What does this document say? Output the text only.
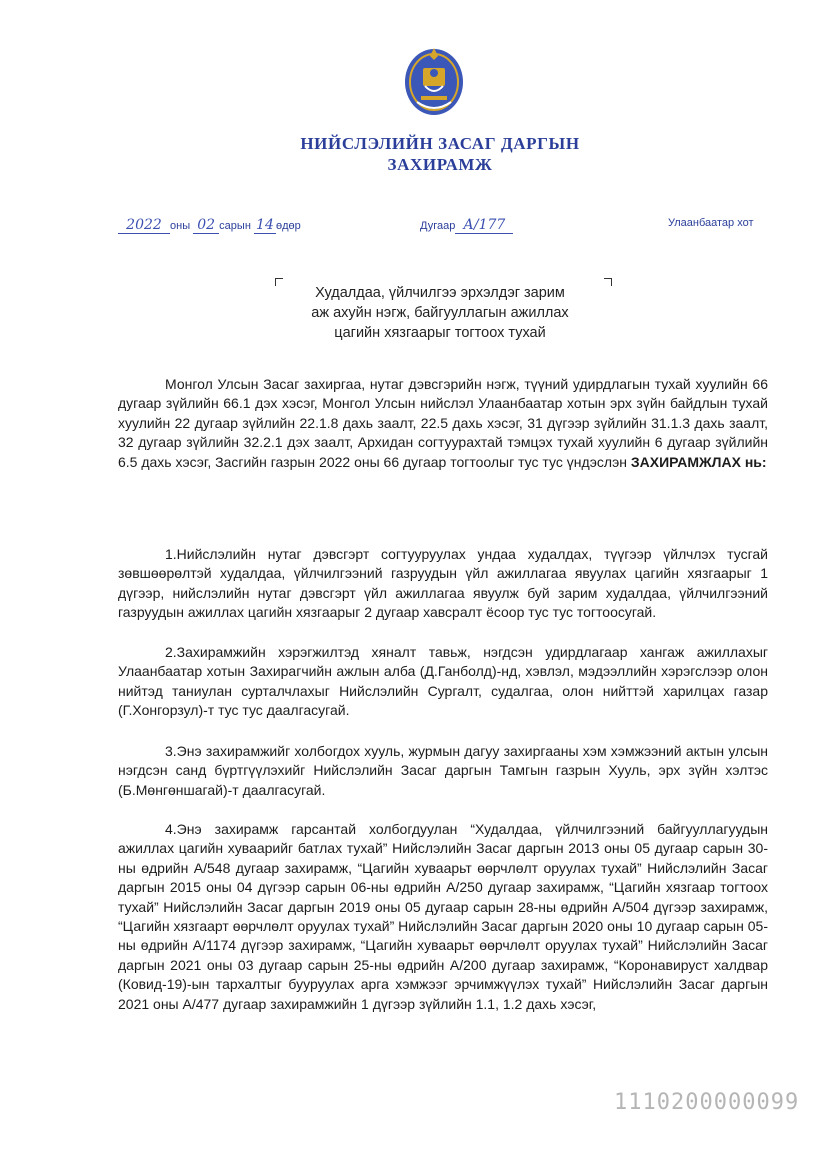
НИЙСЛЭЛИЙН ЗАСАГ ДАРГЫН
ЗАХИРАМЖ
2022 оны 02 сарын 14 өдөр	Дугаар А/177	Улаанбаатар хот
Худалдаа, үйлчилгээ эрхэлдэг зарим
аж ахуйн нэгж, байгууллагын ажиллах
цагийн хязгаарыг тогтоох тухай
Монгол Улсын Засаг захиргаа, нутаг дэвсгэрийн нэгж, түүний удирдлагын тухай хуулийн 66 дугаар зүйлийн 66.1 дэх хэсэг, Монгол Улсын нийслэл Улаанбаатар хотын эрх зүйн байдлын тухай хуулийн 22 дугаар зүйлийн 22.1.8 дахь заалт, 22.5 дахь хэсэг, 31 дүгээр зүйлийн 31.1.3 дахь заалт, 32 дугаар зүйлийн 32.2.1 дэх заалт, Архидан согтуурахтай тэмцэх тухай хуулийн 6 дугаар зүйлийн 6.5 дахь хэсэг, Засгийн газрын 2022 оны 66 дугаар тогтоолыг тус тус үндэслэн ЗАХИРАМЖЛАХ нь:
1.Нийслэлийн нутаг дэвсгэрт согтууруулах ундаа худалдах, түүгээр үйлчлэх тусгай зөвшөөрөлтэй худалдаа, үйлчилгээний газруудын үйл ажиллагаа явуулах цагийн хязгаарыг 1 дүгээр, нийслэлийн нутаг дэвсгэрт үйл ажиллагаа явуулж буй зарим худалдаа, үйлчилгээний газруудын ажиллах цагийн хязгаарыг 2 дугаар хавсралт ёсоор тус тус тогтоосугай.
2.Захирамжийн хэрэгжилтэд хяналт тавьж, нэгдсэн удирдлагаар хангаж ажиллахыг Улаанбаатар хотын Захирагчийн ажлын алба (Д.Ганболд)-нд, хэвлэл, мэдээллийн хэрэгслээр олон нийтэд таниулан сурталчлахыг Нийслэлийн Сургалт, судалгаа, олон нийттэй харилцах газар (Г.Хонгорзул)-т тус тус даалгасугай.
3.Энэ захирамжийг холбогдох хууль, журмын дагуу захиргааны хэм хэмжээний актын улсын нэгдсэн санд бүртгүүлэхийг Нийслэлийн Засаг даргын Тамгын газрын Хууль, эрх зүйн хэлтэс (Б.Мөнгөншагай)-т даалгасугай.
4.Энэ захирамж гарсантай холбогдуулан “Худалдаа, үйлчилгээний байгууллагуудын ажиллах цагийн хуваарийг батлах тухай” Нийслэлийн Засаг даргын 2013 оны 05 дугаар сарын 30-ны өдрийн А/548 дугаар захирамж, “Цагийн хуваарьт өөрчлөлт оруулах тухай” Нийслэлийн Засаг даргын 2015 оны 04 дүгээр сарын 06-ны өдрийн А/250 дугаар захирамж, “Цагийн хязгаар тогтоох тухай” Нийслэлийн Засаг даргын 2019 оны 05 дугаар сарын 28-ны өдрийн А/504 дүгээр захирамж, “Цагийн хязгаарт өөрчлөлт оруулах тухай” Нийслэлийн Засаг даргын 2020 оны 10 дугаар сарын 05-ны өдрийн А/1174 дүгээр захирамж, “Цагийн хуваарьт өөрчлөлт оруулах тухай” Нийслэлийн Засаг даргын 2021 оны 03 дугаар сарын 25-ны өдрийн А/200 дугаар захирамж, “Коронавируст халдвар (Ковид-19)-ын тархалтыг бууруулах арга хэмжээг эрчимжүүлэх тухай” Нийслэлийн Засаг даргын 2021 оны А/477 дугаар захирамжийн 1 дүгээр зүйлийн 1.1, 1.2 дахь хэсэг,
1110200000099
